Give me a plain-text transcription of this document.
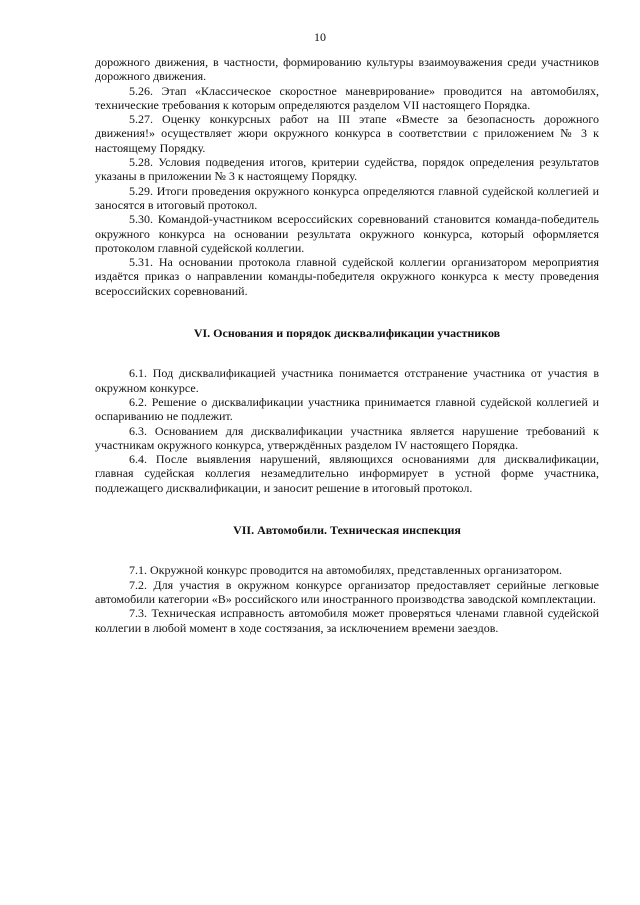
10

дорожного движения, в частности, формированию культуры взаимоуважения среди участников дорожного движения.

5.26. Этап «Классическое скоростное маневрирование» проводится на автомобилях, технические требования к которым определяются разделом VII настоящего Порядка.

5.27. Оценку конкурсных работ на III этапе «Вместе за безопасность дорожного движения!» осуществляет жюри окружного конкурса в соответствии с приложением № 3 к настоящему Порядку.

5.28. Условия подведения итогов, критерии судейства, порядок определения результатов указаны в приложении № 3 к настоящему Порядку.

5.29. Итоги проведения окружного конкурса определяются главной судейской коллегией и заносятся в итоговый протокол.

5.30. Командой-участником всероссийских соревнований становится команда-победитель окружного конкурса на основании результата окружного конкурса, который оформляется протоколом главной судейской коллегии.

5.31. На основании протокола главной судейской коллегии организатором мероприятия издаётся приказ о направлении команды-победителя окружного конкурса к месту проведения всероссийских соревнований.

VI. Основания и порядок дисквалификации участников

6.1. Под дисквалификацией участника понимается отстранение участника от участия в окружном конкурсе.

6.2. Решение о дисквалификации участника принимается главной судейской коллегией и оспариванию не подлежит.

6.3. Основанием для дисквалификации участника является нарушение требований к участникам окружного конкурса, утверждённых разделом IV настоящего Порядка.

6.4. После выявления нарушений, являющихся основаниями для дисквалификации, главная судейская коллегия незамедлительно информирует в устной форме участника, подлежащего дисквалификации, и заносит решение в итоговый протокол.

VII. Автомобили. Техническая инспекция

7.1. Окружной конкурс проводится на автомобилях, представленных организатором.

7.2. Для участия в окружном конкурсе организатор предоставляет серийные легковые автомобили категории «B» российского или иностранного производства заводской комплектации.

7.3. Техническая исправность автомобиля может проверяться членами главной судейской коллегии в любой момент в ходе состязания, за исключением времени заездов.
